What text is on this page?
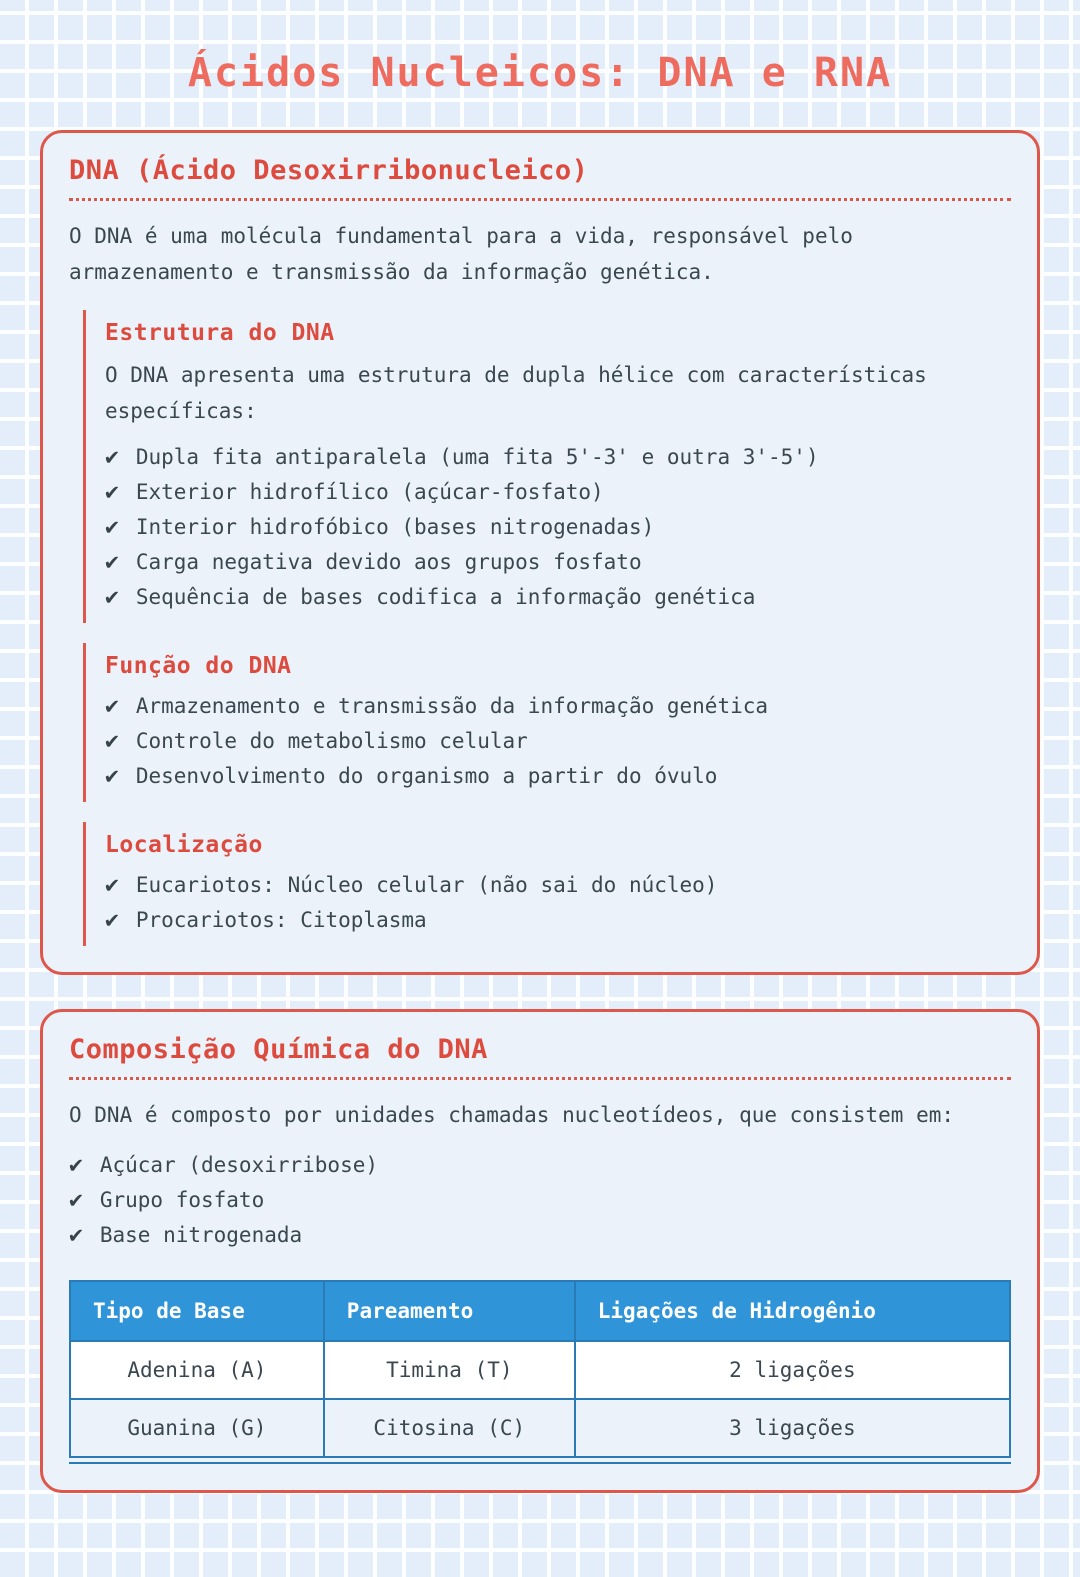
Ácidos Nucleicos: DNA e RNA
DNA (Ácido Desoxirribonucleico)

O DNA é uma molécula fundamental para a vida, responsável pelo armazenamento e transmissão da informação genética.

Estrutura do DNA

O DNA apresenta uma estrutura de dupla hélice com características específicas:

✔ Dupla fita antiparalela (uma fita 5'-3' e outra 3'-5')
✔ Exterior hidrofílico (açúcar-fosfato)
✔ Interior hidrofóbico (bases nitrogenadas)
✔ Carga negativa devido aos grupos fosfato
✔ Sequência de bases codifica a informação genética
Função do DNA
✔ Armazenamento e transmissão da informação genética
✔ Controle do metabolismo celular
✔ Desenvolvimento do organismo a partir do óvulo
Localização
✔ Eucariotos: Núcleo celular (não sai do núcleo)
✔ Procariotos: Citoplasma
Composição Química do DNA

O DNA é composto por unidades chamadas nucleotídeos, que consistem em:

✔ Açúcar (desoxirribose)
✔ Grupo fosfato
✔ Base nitrogenada
Tipo de Base	Pareamento	Ligações de Hidrogênio
Adenina (A)	Timina (T)	2 ligações
Guanina (G)	Citosina (C)	3 ligações
